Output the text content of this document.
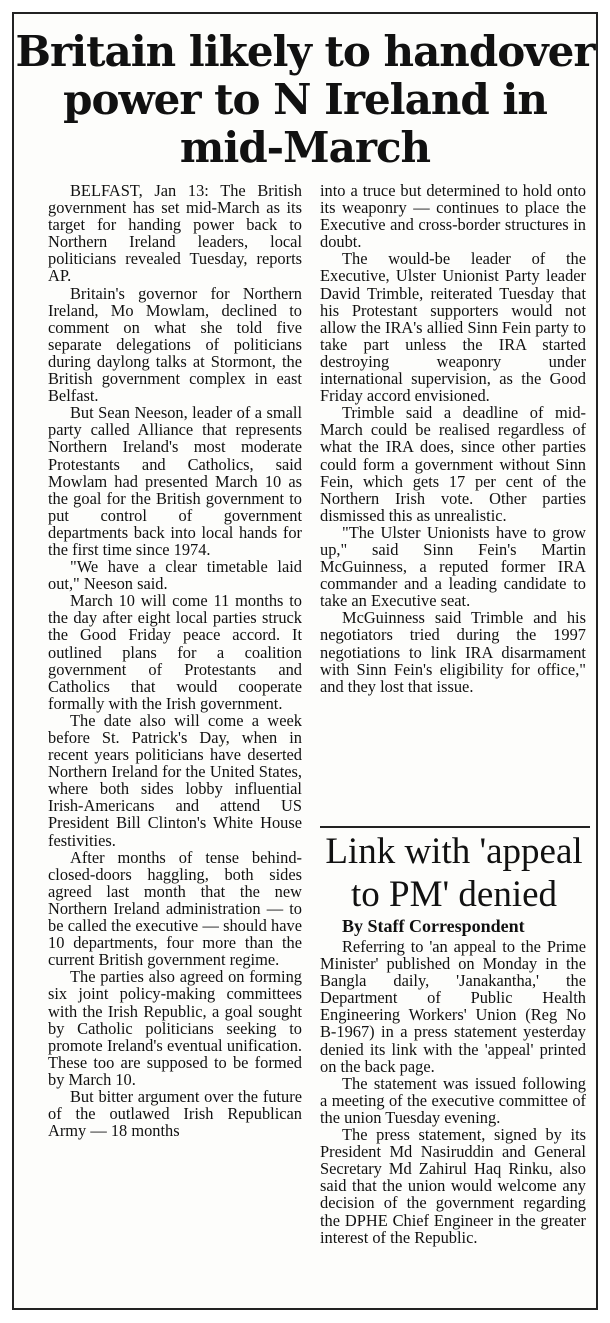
Britain likely to handover power to N Ireland in mid-March

BELFAST, Jan 13: The British government has set mid-March as its target for handing power back to Northern Ireland leaders, local politicians revealed Tuesday, reports AP.

Britain's governor for Northern Ireland, Mo Mowlam, declined to comment on what she told five separate delegations of politicians during daylong talks at Stormont, the British government complex in east Belfast.

But Sean Neeson, leader of a small party called Alliance that represents Northern Ireland's most moderate Protestants and Catholics, said Mowlam had presented March 10 as the goal for the British government to put control of government departments back into local hands for the first time since 1974.

"We have a clear timetable laid out," Neeson said.

March 10 will come 11 months to the day after eight local parties struck the Good Friday peace accord. It outlined plans for a coalition government of Protestants and Catholics that would cooperate formally with the Irish government.

The date also will come a week before St. Patrick's Day, when in recent years politicians have deserted Northern Ireland for the United States, where both sides lobby influential Irish-Americans and attend US President Bill Clinton's White House festivities.

After months of tense behind-closed-doors haggling, both sides agreed last month that the new Northern Ireland administration — to be called the executive — should have 10 departments, four more than the current British government regime.

The parties also agreed on forming six joint policy-making committees with the Irish Republic, a goal sought by Catholic politicians seeking to promote Ireland's eventual unification. These too are supposed to be formed by March 10.

But bitter argument over the future of the outlawed Irish Republican Army — 18 months

into a truce but determined to hold onto its weaponry — continues to place the Executive and cross-border structures in doubt.

The would-be leader of the Executive, Ulster Unionist Party leader David Trimble, reiterated Tuesday that his Protestant supporters would not allow the IRA's allied Sinn Fein party to take part unless the IRA started destroying weaponry under international supervision, as the Good Friday accord envisioned.

Trimble said a deadline of mid-March could be realised regardless of what the IRA does, since other parties could form a government without Sinn Fein, which gets 17 per cent of the Northern Irish vote. Other parties dismissed this as unrealistic.

"The Ulster Unionists have to grow up," said Sinn Fein's Martin McGuinness, a reputed former IRA commander and a leading candidate to take an Executive seat.

McGuinness said Trimble and his negotiators tried during the 1997 negotiations to link IRA disarmament with Sinn Fein's eligibility for office," and they lost that issue.

Link with 'appeal to PM' denied
By Staff Correspondent

Referring to 'an appeal to the Prime Minister' published on Monday in the Bangla daily, 'Janakantha,' the Department of Public Health Engineering Workers' Union (Reg No B-1967) in a press statement yesterday denied its link with the 'appeal' printed on the back page.

The statement was issued following a meeting of the executive committee of the union Tuesday evening.

The press statement, signed by its President Md Nasiruddin and General Secretary Md Zahirul Haq Rinku, also said that the union would welcome any decision of the government regarding the DPHE Chief Engineer in the greater interest of the Republic.
